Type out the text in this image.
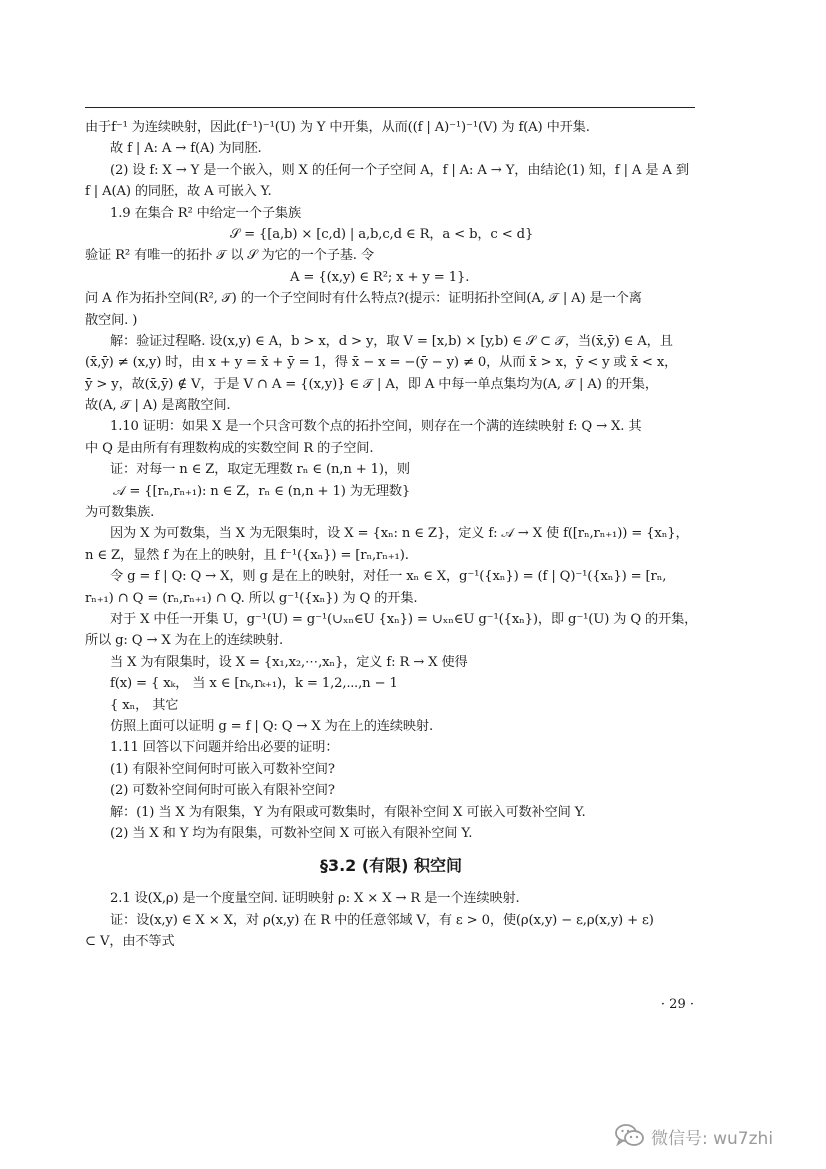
由于f⁻¹ 为连续映射，因此(f⁻¹)⁻¹(U) 为 Y 中开集，从而((f | A)⁻¹)⁻¹(V) 为 f(A) 中开集.
故 f | A: A → f(A) 为同胚.
(2) 设 f: X → Y 是一个嵌入，则 X 的任何一个子空间 A，f | A: A → Y，由结论(1) 知，f | A 是 A 到
f | A(A) 的同胚，故 A 可嵌入 Y.
1.9 在集合 R² 中给定一个子集族
𝒮 = {[a,b) × [c,d) | a,b,c,d ∈ R，a < b，c < d}
验证 R² 有唯一的拓扑 𝒯 以 𝒮 为它的一个子基. 令
A = {(x,y) ∈ R²; x + y = 1}.
问 A 作为拓扑空间(R², 𝒯) 的一个子空间时有什么特点?(提示：证明拓扑空间(A, 𝒯 | A) 是一个离
散空间. )
解：验证过程略. 设(x,y) ∈ A，b > x，d > y，取 V = [x,b) × [y,b) ∈ 𝒮 ⊂ 𝒯，当(x̄,ȳ) ∈ A，且
(x̄,ȳ) ≠ (x,y) 时，由 x + y = x̄ + ȳ = 1，得 x̄ − x = −(ȳ − y) ≠ 0，从而 x̄ > x，ȳ < y 或 x̄ < x，
ȳ > y，故(x̄,ȳ) ∉ V，于是 V ∩ A = {(x,y)} ∈ 𝒯 | A，即 A 中每一单点集均为(A, 𝒯 | A) 的开集，
故(A, 𝒯 | A) 是离散空间.
1.10 证明：如果 X 是一个只含可数个点的拓扑空间，则存在一个满的连续映射 f: Q → X. 其
中 Q 是由所有有理数构成的实数空间 R 的子空间.
证：对每一 n ∈ Z，取定无理数 rₙ ∈ (n,n + 1)，则
𝒜 = {[rₙ,rₙ₊₁): n ∈ Z，rₙ ∈ (n,n + 1) 为无理数}
为可数集族.
因为 X 为可数集，当 X 为无限集时，设 X = {xₙ: n ∈ Z}，定义 f: 𝒜 → X 使 f([rₙ,rₙ₊₁)) = {xₙ}，
n ∈ Z，显然 f 为在上的映射，且 f⁻¹({xₙ}) = [rₙ,rₙ₊₁).
令 g = f | Q: Q → X，则 g 是在上的映射，对任一 xₙ ∈ X，g⁻¹({xₙ}) = (f | Q)⁻¹({xₙ}) = [rₙ,
rₙ₊₁) ∩ Q = (rₙ,rₙ₊₁) ∩ Q. 所以 g⁻¹({xₙ}) 为 Q 的开集.
对于 X 中任一开集 U，g⁻¹(U) = g⁻¹(∪ₓₙ∈U {xₙ}) = ∪ₓₙ∈U g⁻¹({xₙ})，即 g⁻¹(U) 为 Q 的开集，
所以 g: Q → X 为在上的连续映射.
当 X 为有限集时，设 X = {x₁,x₂,⋯,xₙ}，定义 f: R → X 使得
f(x) = { xₖ， 当 x ∈ [rₖ,rₖ₊₁)，k = 1,2,⋯,n − 1
{ xₙ， 其它
仿照上面可以证明 g = f | Q: Q → X 为在上的连续映射.
1.11 回答以下问题并给出必要的证明：
(1) 有限补空间何时可嵌入可数补空间?
(2) 可数补空间何时可嵌入有限补空间?
解：(1) 当 X 为有限集，Y 为有限或可数集时，有限补空间 X 可嵌入可数补空间 Y.
(2) 当 X 和 Y 均为有限集，可数补空间 X 可嵌入有限补空间 Y.
§3.2 (有限) 积空间
2.1 设(X,ρ) 是一个度量空间. 证明映射 ρ: X × X → R 是一个连续映射.
证：设(x,y) ∈ X × X，对 ρ(x,y) 在 R 中的任意邻域 V，有 ε > 0，使(ρ(x,y) − ε,ρ(x,y) + ε)
⊂ V，由不等式
· 29 ·
微信号: wu7zhi
